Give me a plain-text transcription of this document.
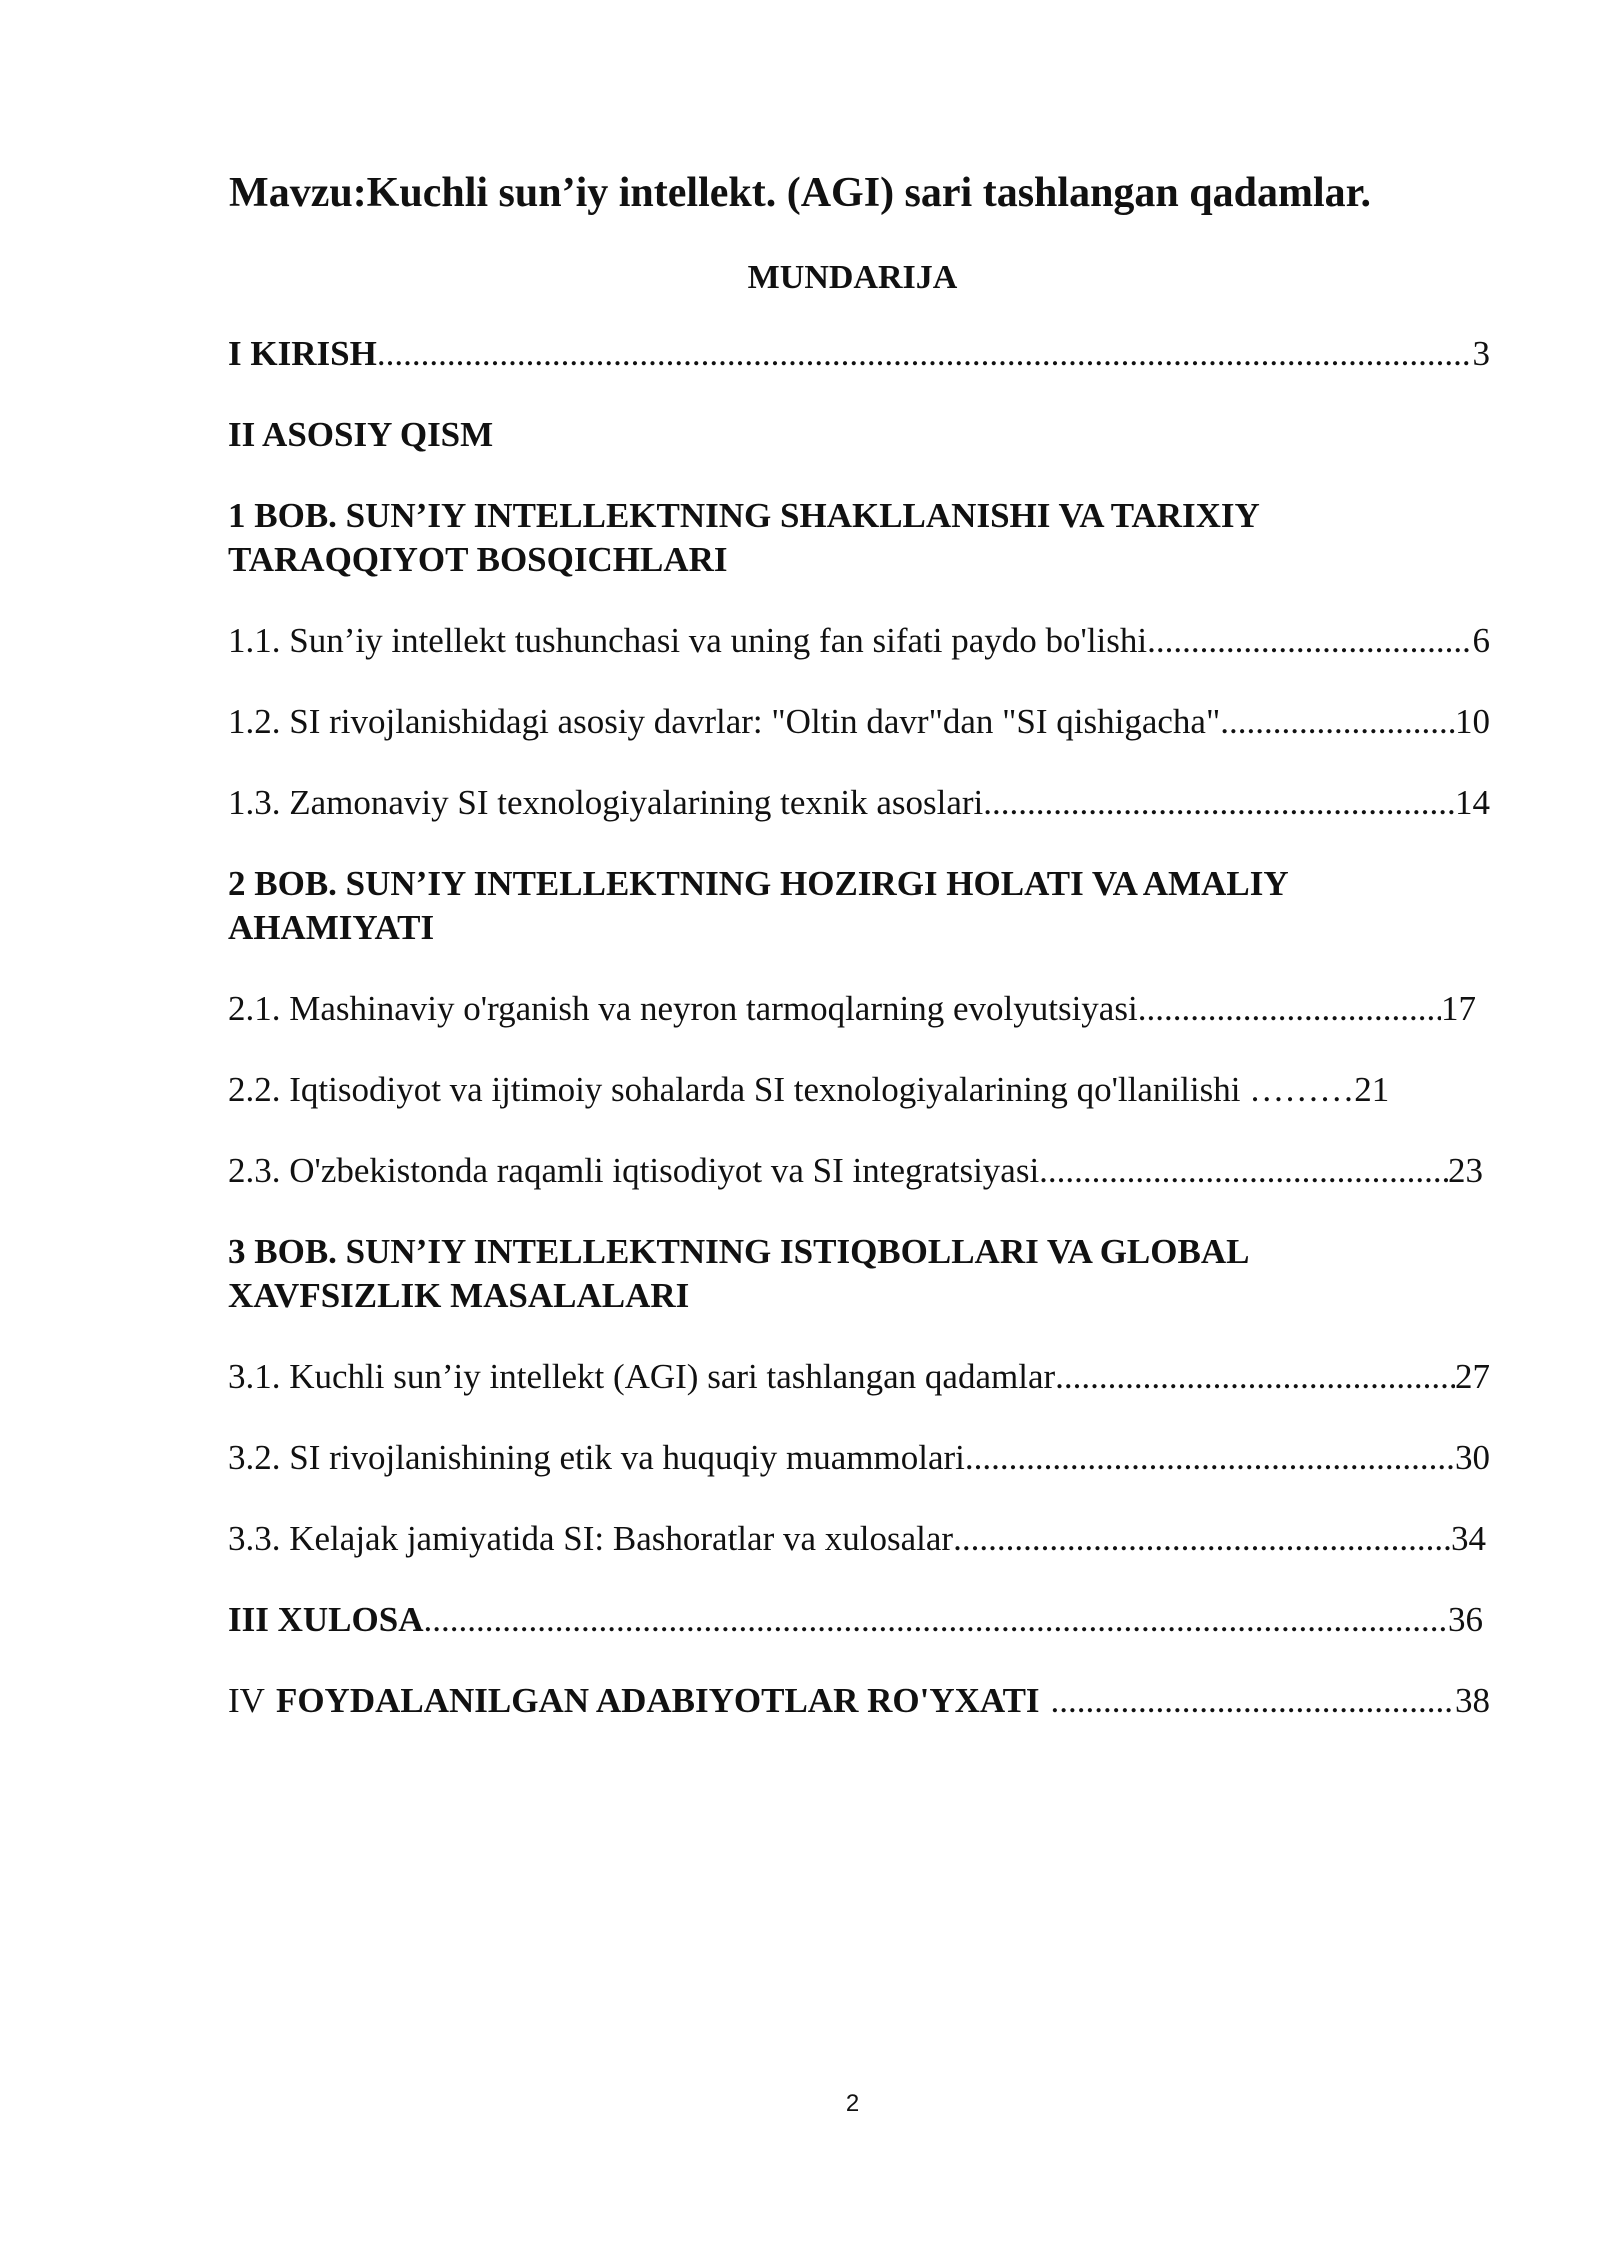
Mavzu:Kuchli sun’iy intellekt. (AGI) sari tashlangan qadamlar.
MUNDARIJA
I KIRISH .....	3
II ASOSIY QISM
1 BOB. SUN’IY INTELLEKTNING SHAKLLANISHI VA TARIXIY TARAQQIYOT BOSQICHLARI
1.1. Sun’iy intellekt tushunchasi va uning fan sifati paydo bo'lishi .....	6
1.2. SI rivojlanishidagi asosiy davrlar: "Oltin davr"dan "SI qishigacha" .....	10
1.3. Zamonaviy SI texnologiyalarining texnik asoslari .....	14
2 BOB. SUN’IY INTELLEKTNING HOZIRGI HOLATI VA AMALIY AHAMIYATI
2.1. Mashinaviy o'rganish va neyron tarmoqlarning evolyutsiyasi .....	17
2.2. Iqtisodiyot va ijtimoiy sohalarda SI texnologiyalarining qo'llanilishi ………21
2.3. O'zbekistonda raqamli iqtisodiyot va SI integratsiyasi .....	23
3 BOB. SUN’IY INTELLEKTNING ISTIQBOLLARI VA GLOBAL XAVFSIZLIK MASALALARI
3.1. Kuchli sun’iy intellekt (AGI) sari tashlangan qadamlar .....	27
3.2. SI rivojlanishining etik va huquqiy muammolari .....	30
3.3. Kelajak jamiyatida SI: Bashoratlar va xulosalar .....	34
III XULOSA .....	36
IV FOYDALANILGAN ADABIYOTLAR RO'YXATI .....	38
2
